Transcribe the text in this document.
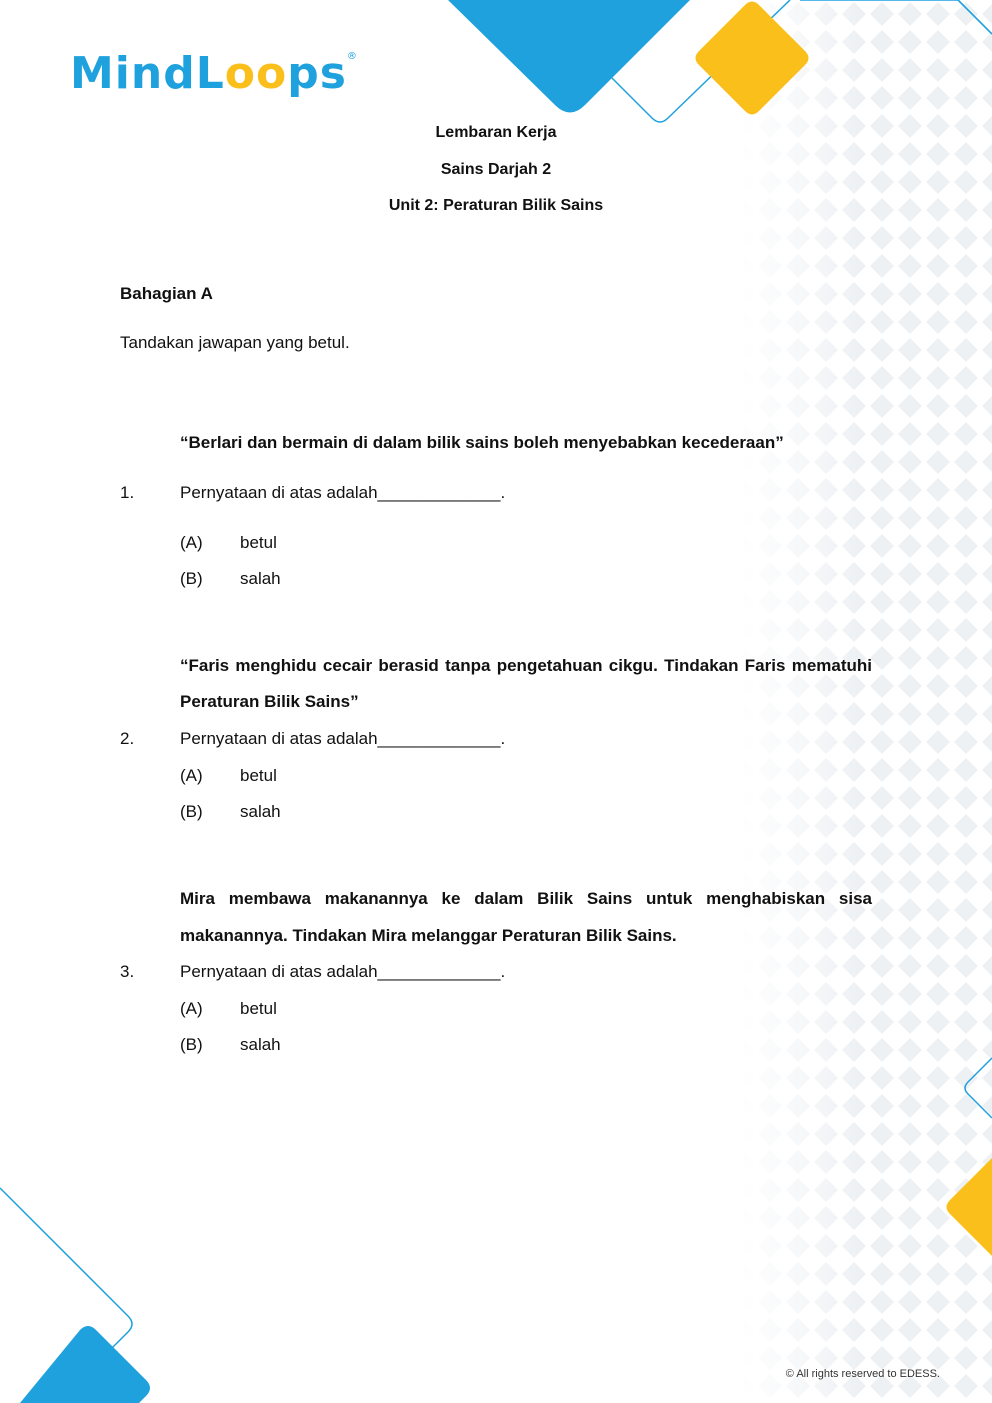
MindLoops®
Lembaran Kerja
Sains Darjah 2
Unit 2: Peraturan Bilik Sains
Bahagian A
Tandakan jawapan yang betul.
“Berlari dan bermain di dalam bilik sains boleh menyebabkan kecederaan”
1.	Pernyataan di atas adalah_____________.
(A) betul
(B) salah
“Faris menghidu cecair berasid tanpa pengetahuan cikgu. Tindakan Faris mematuhi
Peraturan Bilik Sains”
2.	Pernyataan di atas adalah_____________.
(A) betul
(B) salah
Mira membawa makanannya ke dalam Bilik Sains untuk menghabiskan sisa
makanannya. Tindakan Mira melanggar Peraturan Bilik Sains.
3.	Pernyataan di atas adalah_____________.
(A) betul
(B) salah
© All rights reserved to EDESS.
